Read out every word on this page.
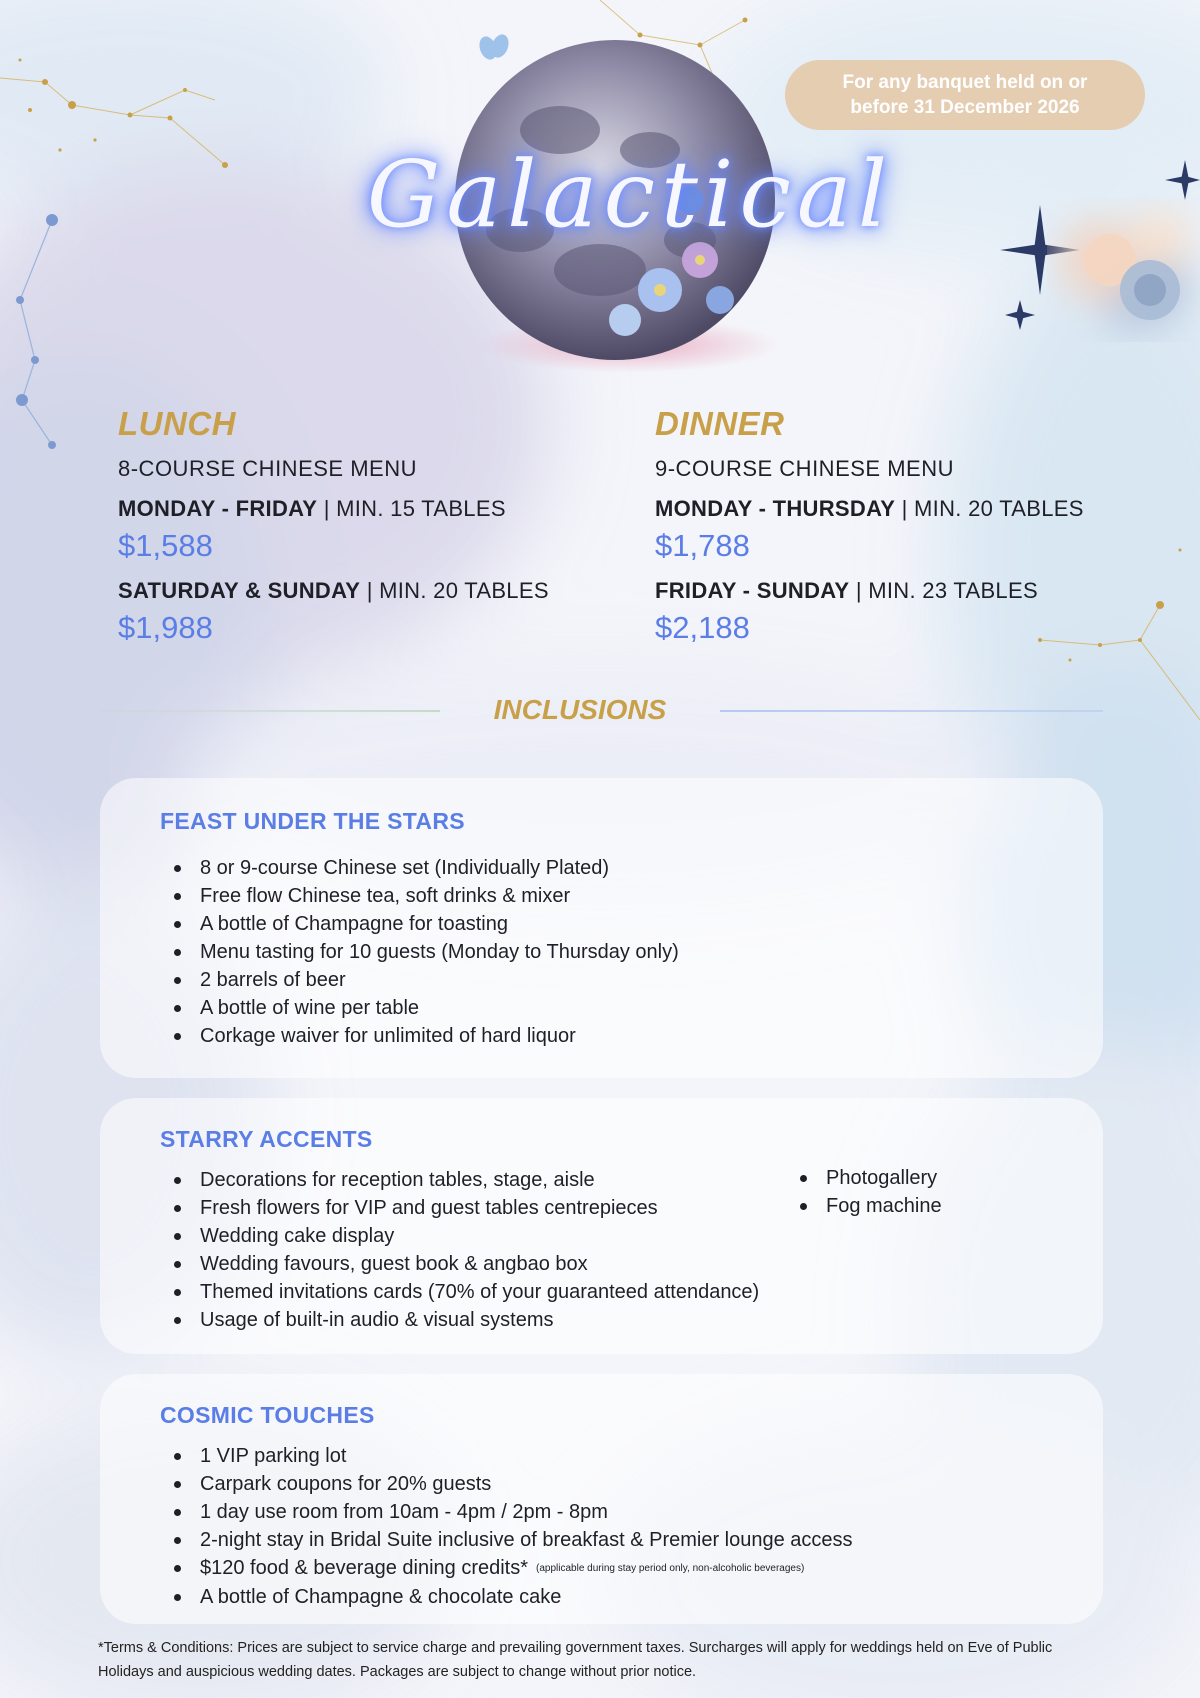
For any banquet held on or
before 31 December 2026
Galactical
LUNCH
8-COURSE CHINESE MENU
MONDAY - FRIDAY | MIN. 15 TABLES
$1,588
SATURDAY & SUNDAY | MIN. 20 TABLES
$1,988
DINNER
9-COURSE CHINESE MENU
MONDAY - THURSDAY | MIN. 20 TABLES
$1,788
FRIDAY - SUNDAY | MIN. 23 TABLES
$2,188
INCLUSIONS
FEAST UNDER THE STARS
8 or 9-course Chinese set (Individually Plated)
Free flow Chinese tea, soft drinks & mixer
A bottle of Champagne for toasting
Menu tasting for 10 guests (Monday to Thursday only)
2 barrels of beer
A bottle of wine per table
Corkage waiver for unlimited of hard liquor
STARRY ACCENTS
Decorations for reception tables, stage, aisle
Fresh flowers for VIP and guest tables centrepieces
Wedding cake display
Wedding favours, guest book & angbao box
Themed invitations cards (70% of your guaranteed attendance)
Usage of built-in audio & visual systems
Photogallery
Fog machine
COSMIC TOUCHES
1 VIP parking lot
Carpark coupons for 20% guests
1 day use room from 10am - 4pm / 2pm - 8pm
2-night stay in Bridal Suite inclusive of breakfast & Premier lounge access
$120 food & beverage dining credits* (applicable during stay period only, non-alcoholic beverages)
A bottle of Champagne & chocolate cake
*Terms & Conditions: Prices are subject to service charge and prevailing government taxes. Surcharges will apply for weddings held on Eve of Public Holidays and auspicious wedding dates. Packages are subject to change without prior notice.
